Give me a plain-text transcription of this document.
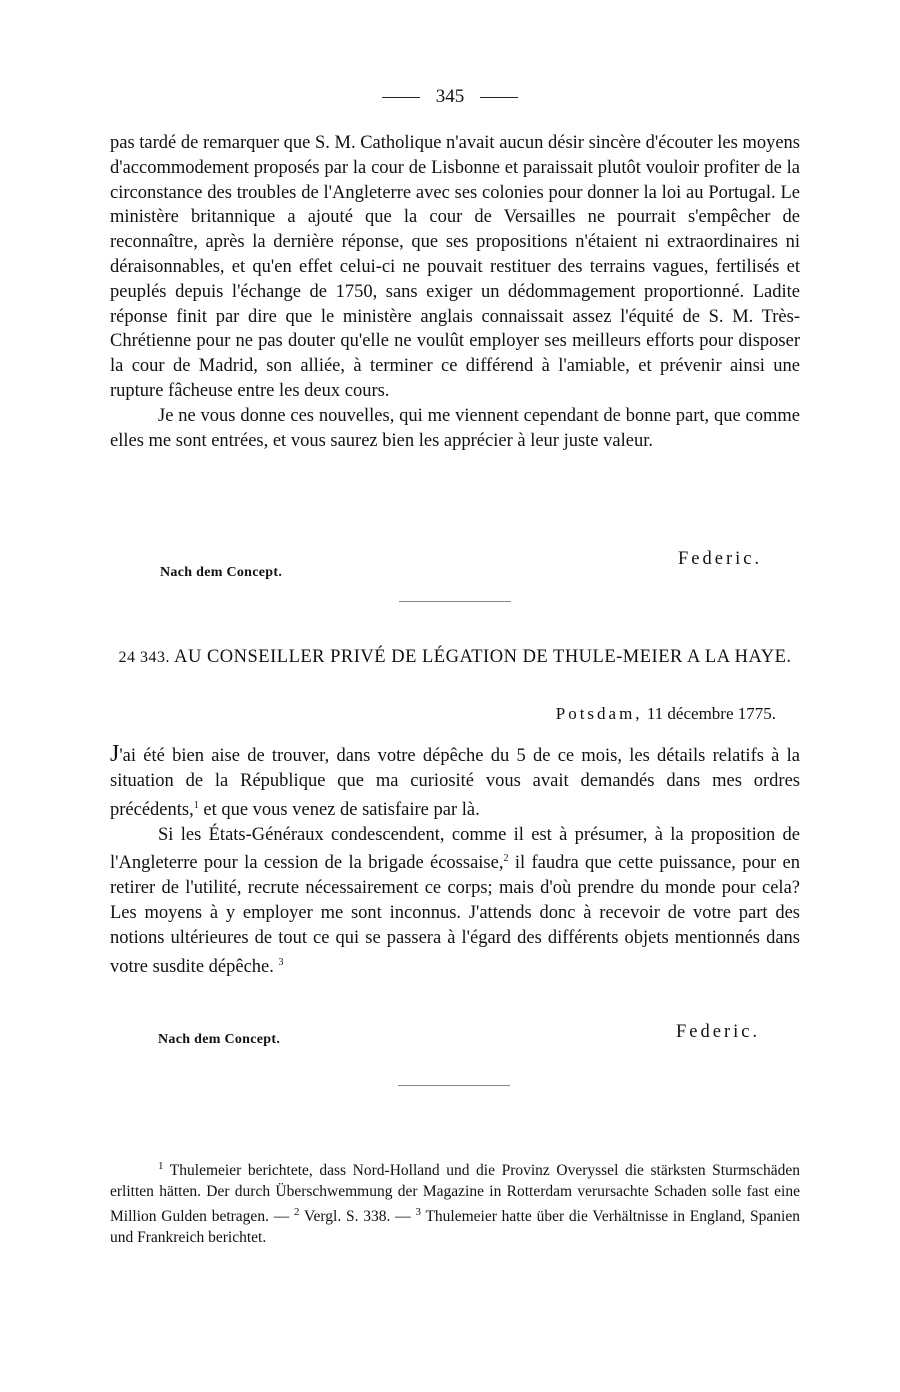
345

pas tardé de remarquer que S. M. Catholique n'avait aucun désir sincère d'écouter les moyens d'accommodement proposés par la cour de Lisbonne et paraissait plutôt vouloir profiter de la circonstance des troubles de l'Angleterre avec ses colonies pour donner la loi au Portugal. Le ministère britannique a ajouté que la cour de Versailles ne pourrait s'empêcher de reconnaître, après la dernière réponse, que ses propositions n'étaient ni extraordinaires ni déraisonnables, et qu'en effet celui-ci ne pouvait restituer des terrains vagues, fertilisés et peuplés depuis l'échange de 1750, sans exiger un dédommagement proportionné. Ladite réponse finit par dire que le ministère anglais connaissait assez l'équité de S. M. Très-Chrétienne pour ne pas douter qu'elle ne voulût employer ses meilleurs efforts pour disposer la cour de Madrid, son alliée, à terminer ce différend à l'amiable, et prévenir ainsi une rupture fâcheuse entre les deux cours.

Je ne vous donne ces nouvelles, qui me viennent cependant de bonne part, que comme elles me sont entrées, et vous saurez bien les apprécier à leur juste valeur.

Federic.
Nach dem Concept.
24 343. AU CONSEILLER PRIVÉ DE LÉGATION DE THULE-MEIER A LA HAYE.
Potsdam, 11 décembre 1775.

J'ai été bien aise de trouver, dans votre dépêche du 5 de ce mois, les détails relatifs à la situation de la République que ma curiosité vous avait demandés dans mes ordres précédents,$^1$ et que vous venez de satisfaire par là.

Si les États-Généraux condescendent, comme il est à présumer, à la proposition de l'Angleterre pour la cession de la brigade écossaise,$^2$ il faudra que cette puissance, pour en retirer de l'utilité, recrute nécessairement ce corps; mais d'où prendre du monde pour cela? Les moyens à y employer me sont inconnus. J'attends donc à recevoir de votre part des notions ultérieures de tout ce qui se passera à l'égard des différents objets mentionnés dans votre susdite dépêche. $^3$

Federic.
Nach dem Concept.
$^1$ Thulemeier berichtete, dass Nord-Holland und die Provinz Overyssel die stärksten Sturmschäden erlitten hätten. Der durch Überschwemmung der Magazine in Rotterdam verursachte Schaden solle fast eine Million Gulden betragen. — $^2$ Vergl. S. 338. — $^3$ Thulemeier hatte über die Verhältnisse in England, Spanien und Frankreich berichtet.
